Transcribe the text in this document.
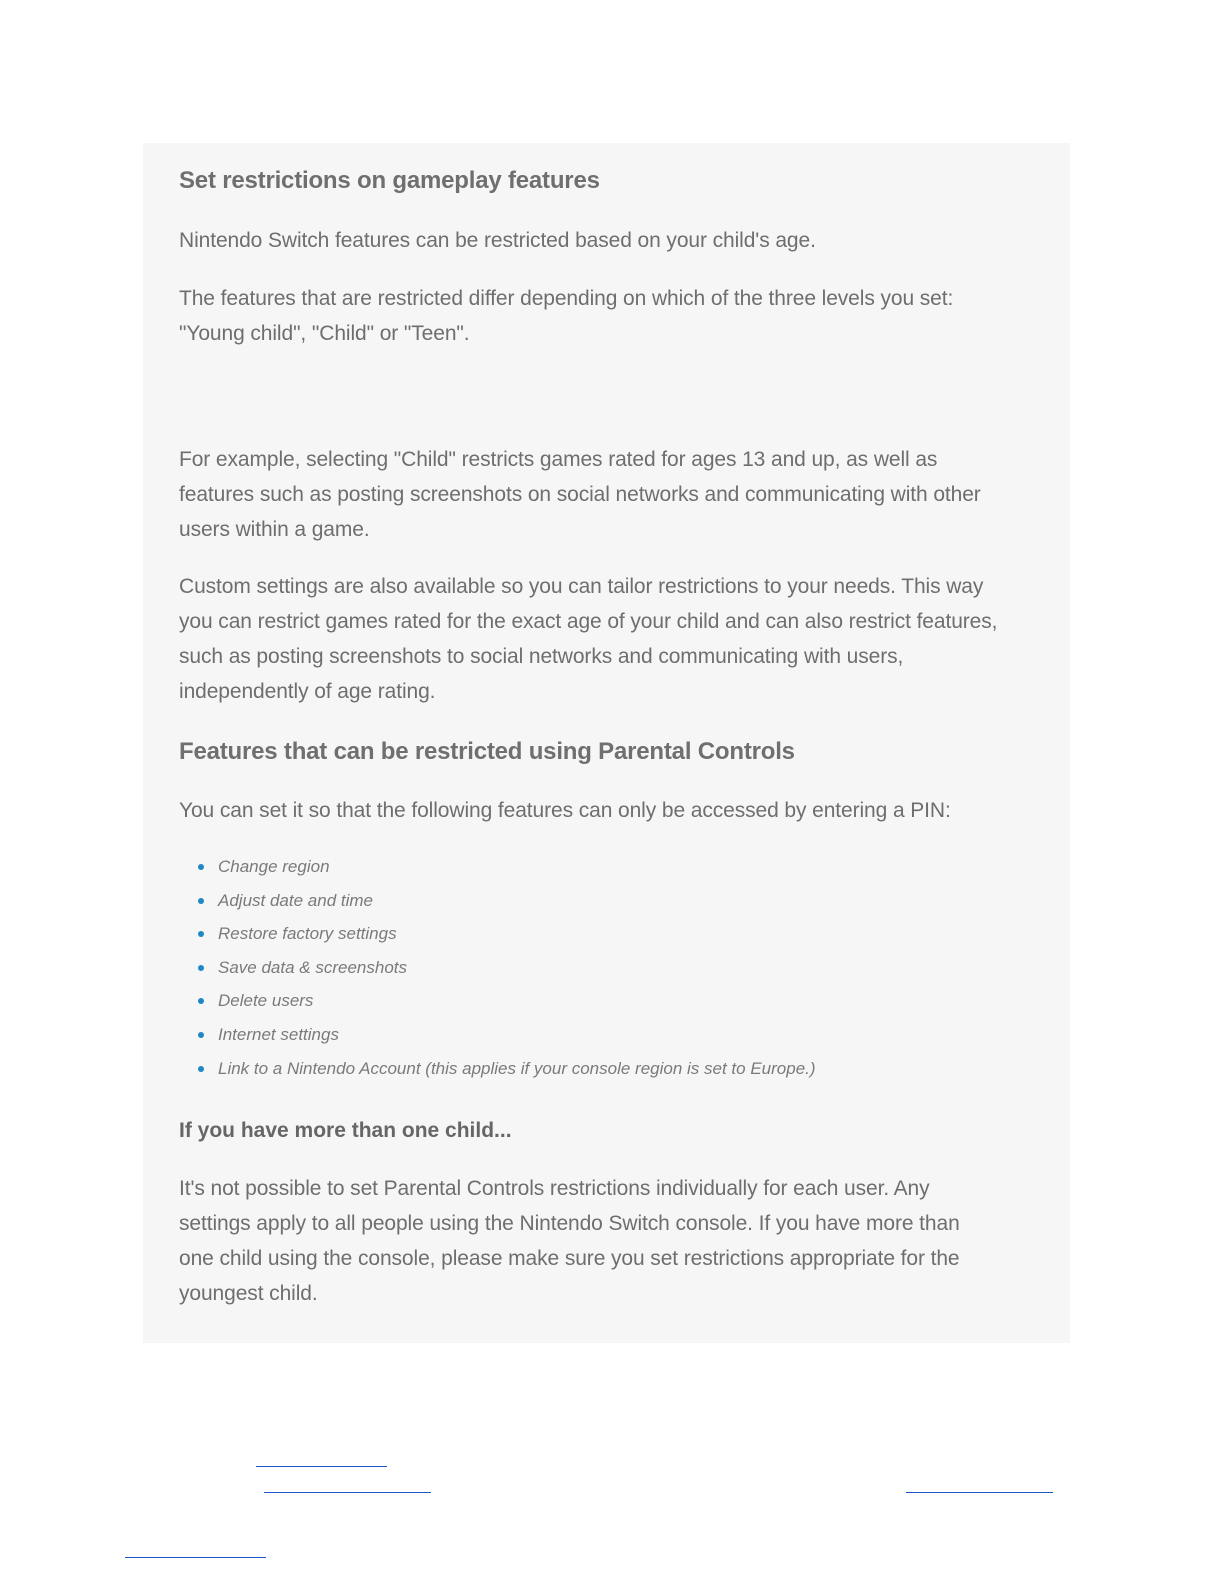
Set restrictions on gameplay features

Nintendo Switch features can be restricted based on your child's age.

The features that are restricted differ depending on which of the three levels you set:

"Young child", "Child" or "Teen".

For example, selecting "Child" restricts games rated for ages 13 and up, as well as

features such as posting screenshots on social networks and communicating with other

users within a game.

Custom settings are also available so you can tailor restrictions to your needs. This way

you can restrict games rated for the exact age of your child and can also restrict features,

such as posting screenshots to social networks and communicating with users,

independently of age rating.

Features that can be restricted using Parental Controls

You can set it so that the following features can only be accessed by entering a PIN:

Change region
Adjust date and time
Restore factory settings
Save data & screenshots
Delete users
Internet settings
Link to a Nintendo Account (this applies if your console region is set to Europe.)
If you have more than one child...

It's not possible to set Parental Controls restrictions individually for each user. Any

settings apply to all people using the Nintendo Switch console. If you have more than

one child using the console, please make sure you set restrictions appropriate for the

youngest child.
